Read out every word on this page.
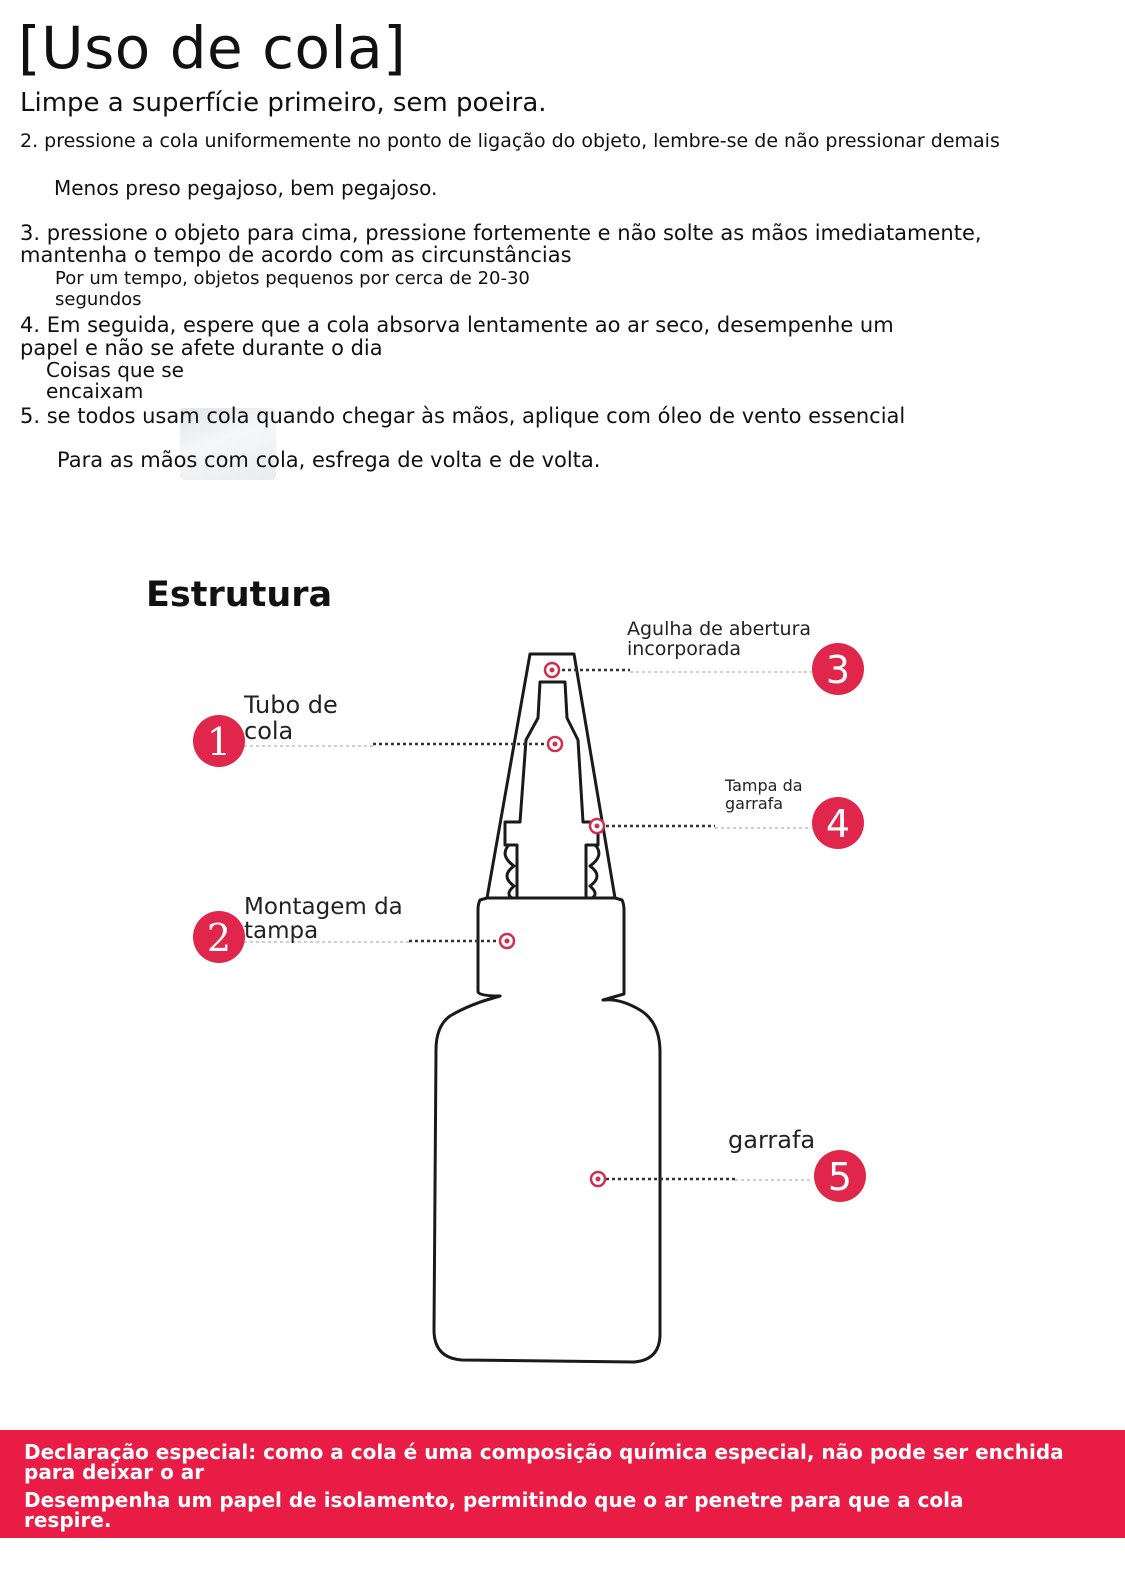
[Uso de cola]
Limpe a superfície primeiro, sem poeira.
2. pressione a cola uniformemente no ponto de ligação do objeto, lembre-se de não pressionar demais
Menos preso pegajoso, bem pegajoso.
3. pressione o objeto para cima, pressione fortemente e não solte as mãos imediatamente, mantenha o tempo de acordo com as circunstâncias
Por um tempo, objetos pequenos por cerca de 20-30 segundos
4. Em seguida, espere que a cola absorva lentamente ao ar seco, desempenhe um papel e não se afete durante o dia
Coisas que se encaixam
5. se todos usam cola quando chegar às mãos, aplique com óleo de vento essencial
Para as mãos com cola, esfrega de volta e de volta.
Estrutura
1
2
3
4
5
Tubo de cola
Montagem da tampa
Agulha de abertura incorporada
Tampa da garrafa
garrafa
Declaração especial: como a cola é uma composição química especial, não pode ser enchida para deixar o ar
Desempenha um papel de isolamento, permitindo que o ar penetre para que a cola respire.
